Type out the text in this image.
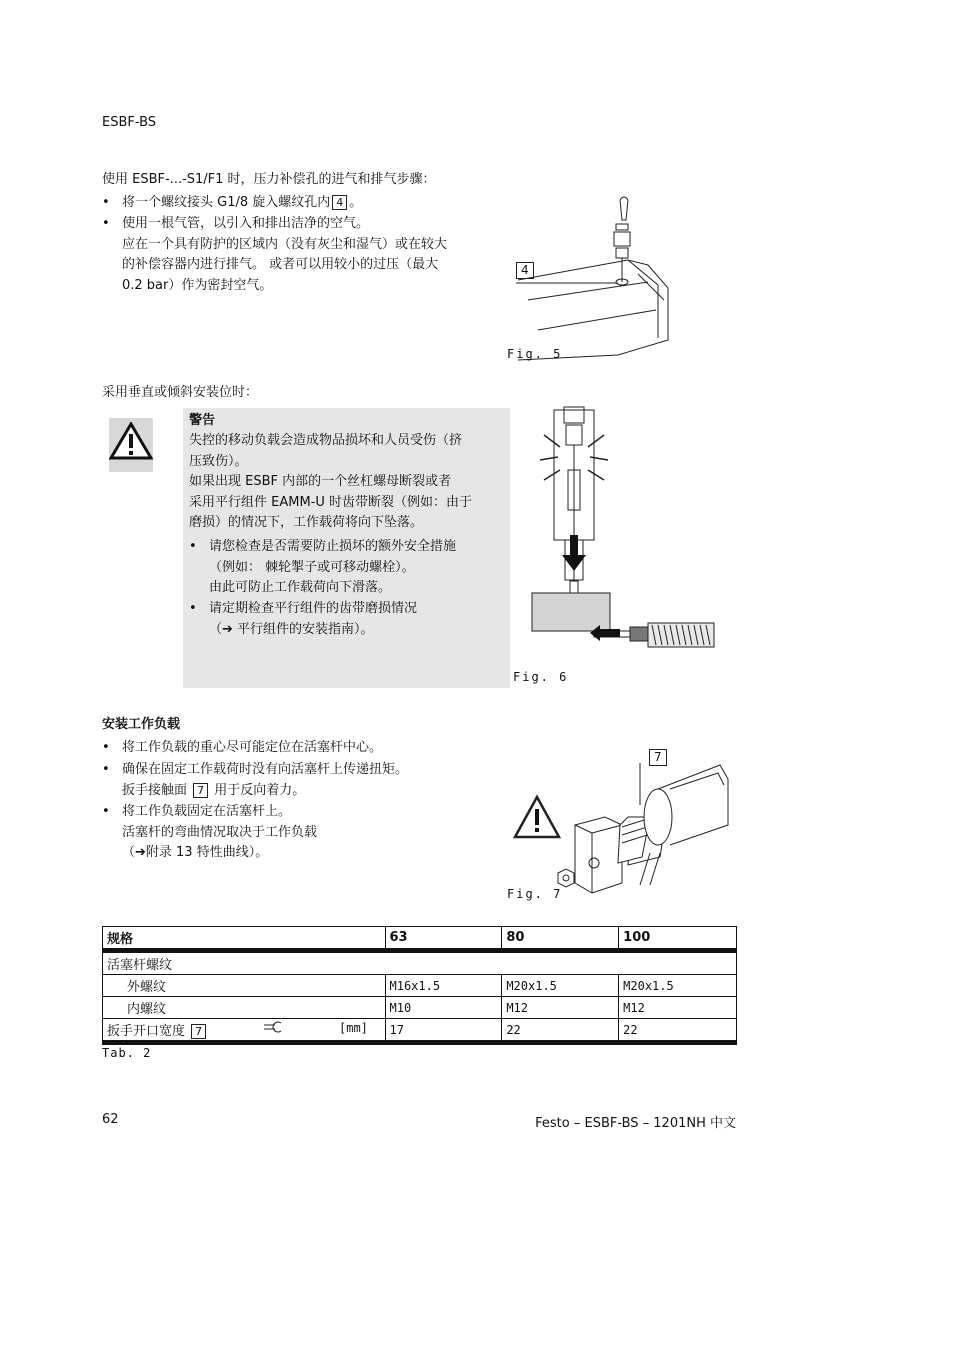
ESBF-BS
使用 ESBF-...-S1/F1 时，压力补偿孔的进气和排气步骤：
• 将一个螺纹接头 G1/8 旋入螺纹孔内 4 。
• 使用一根气管，以引入和排出洁净的空气。
应在一个具有防护的区域内（没有灰尘和湿气）或在较大
的补偿容器内进行排气。 或者可以用较小的过压（最大
0.2 bar）作为密封空气。
4
Fig. 5
采用垂直或倾斜安装位时：
警告
失控的移动负载会造成物品损坏和人员受伤（挤
压致伤）。
如果出现 ESBF 内部的一个丝杠螺母断裂或者
采用平行组件 EAMM-U 时齿带断裂（例如：由于
磨损）的情况下，工作载荷将向下坠落。
• 请您检查是否需要防止损坏的额外安全措施
（例如： 棘轮掣子或可移动螺栓）。
由此可防止工作载荷向下滑落。
• 请定期检查平行组件的齿带磨损情况
（➔ 平行组件的安装指南）。
Fig. 6
安装工作负载
• 将工作负载的重心尽可能定位在活塞杆中心。
• 确保在固定工作载荷时没有向活塞杆上传递扭矩。
扳手接触面 7 用于反向着力。
• 将工作负载固定在活塞杆上。
活塞杆的弯曲情况取决于工作负载
（➔附录 13 特性曲线）。
7
Fig. 7
规格	63	80	100
活塞杆螺纹			
外螺纹	M16x1.5	M20x1.5	M20x1.5
内螺纹	M10	M12	M12
扳手开口宽度 7 [mm]	17	22	22
Tab. 2
62	Festo – ESBF-BS – 1201NH 中文
